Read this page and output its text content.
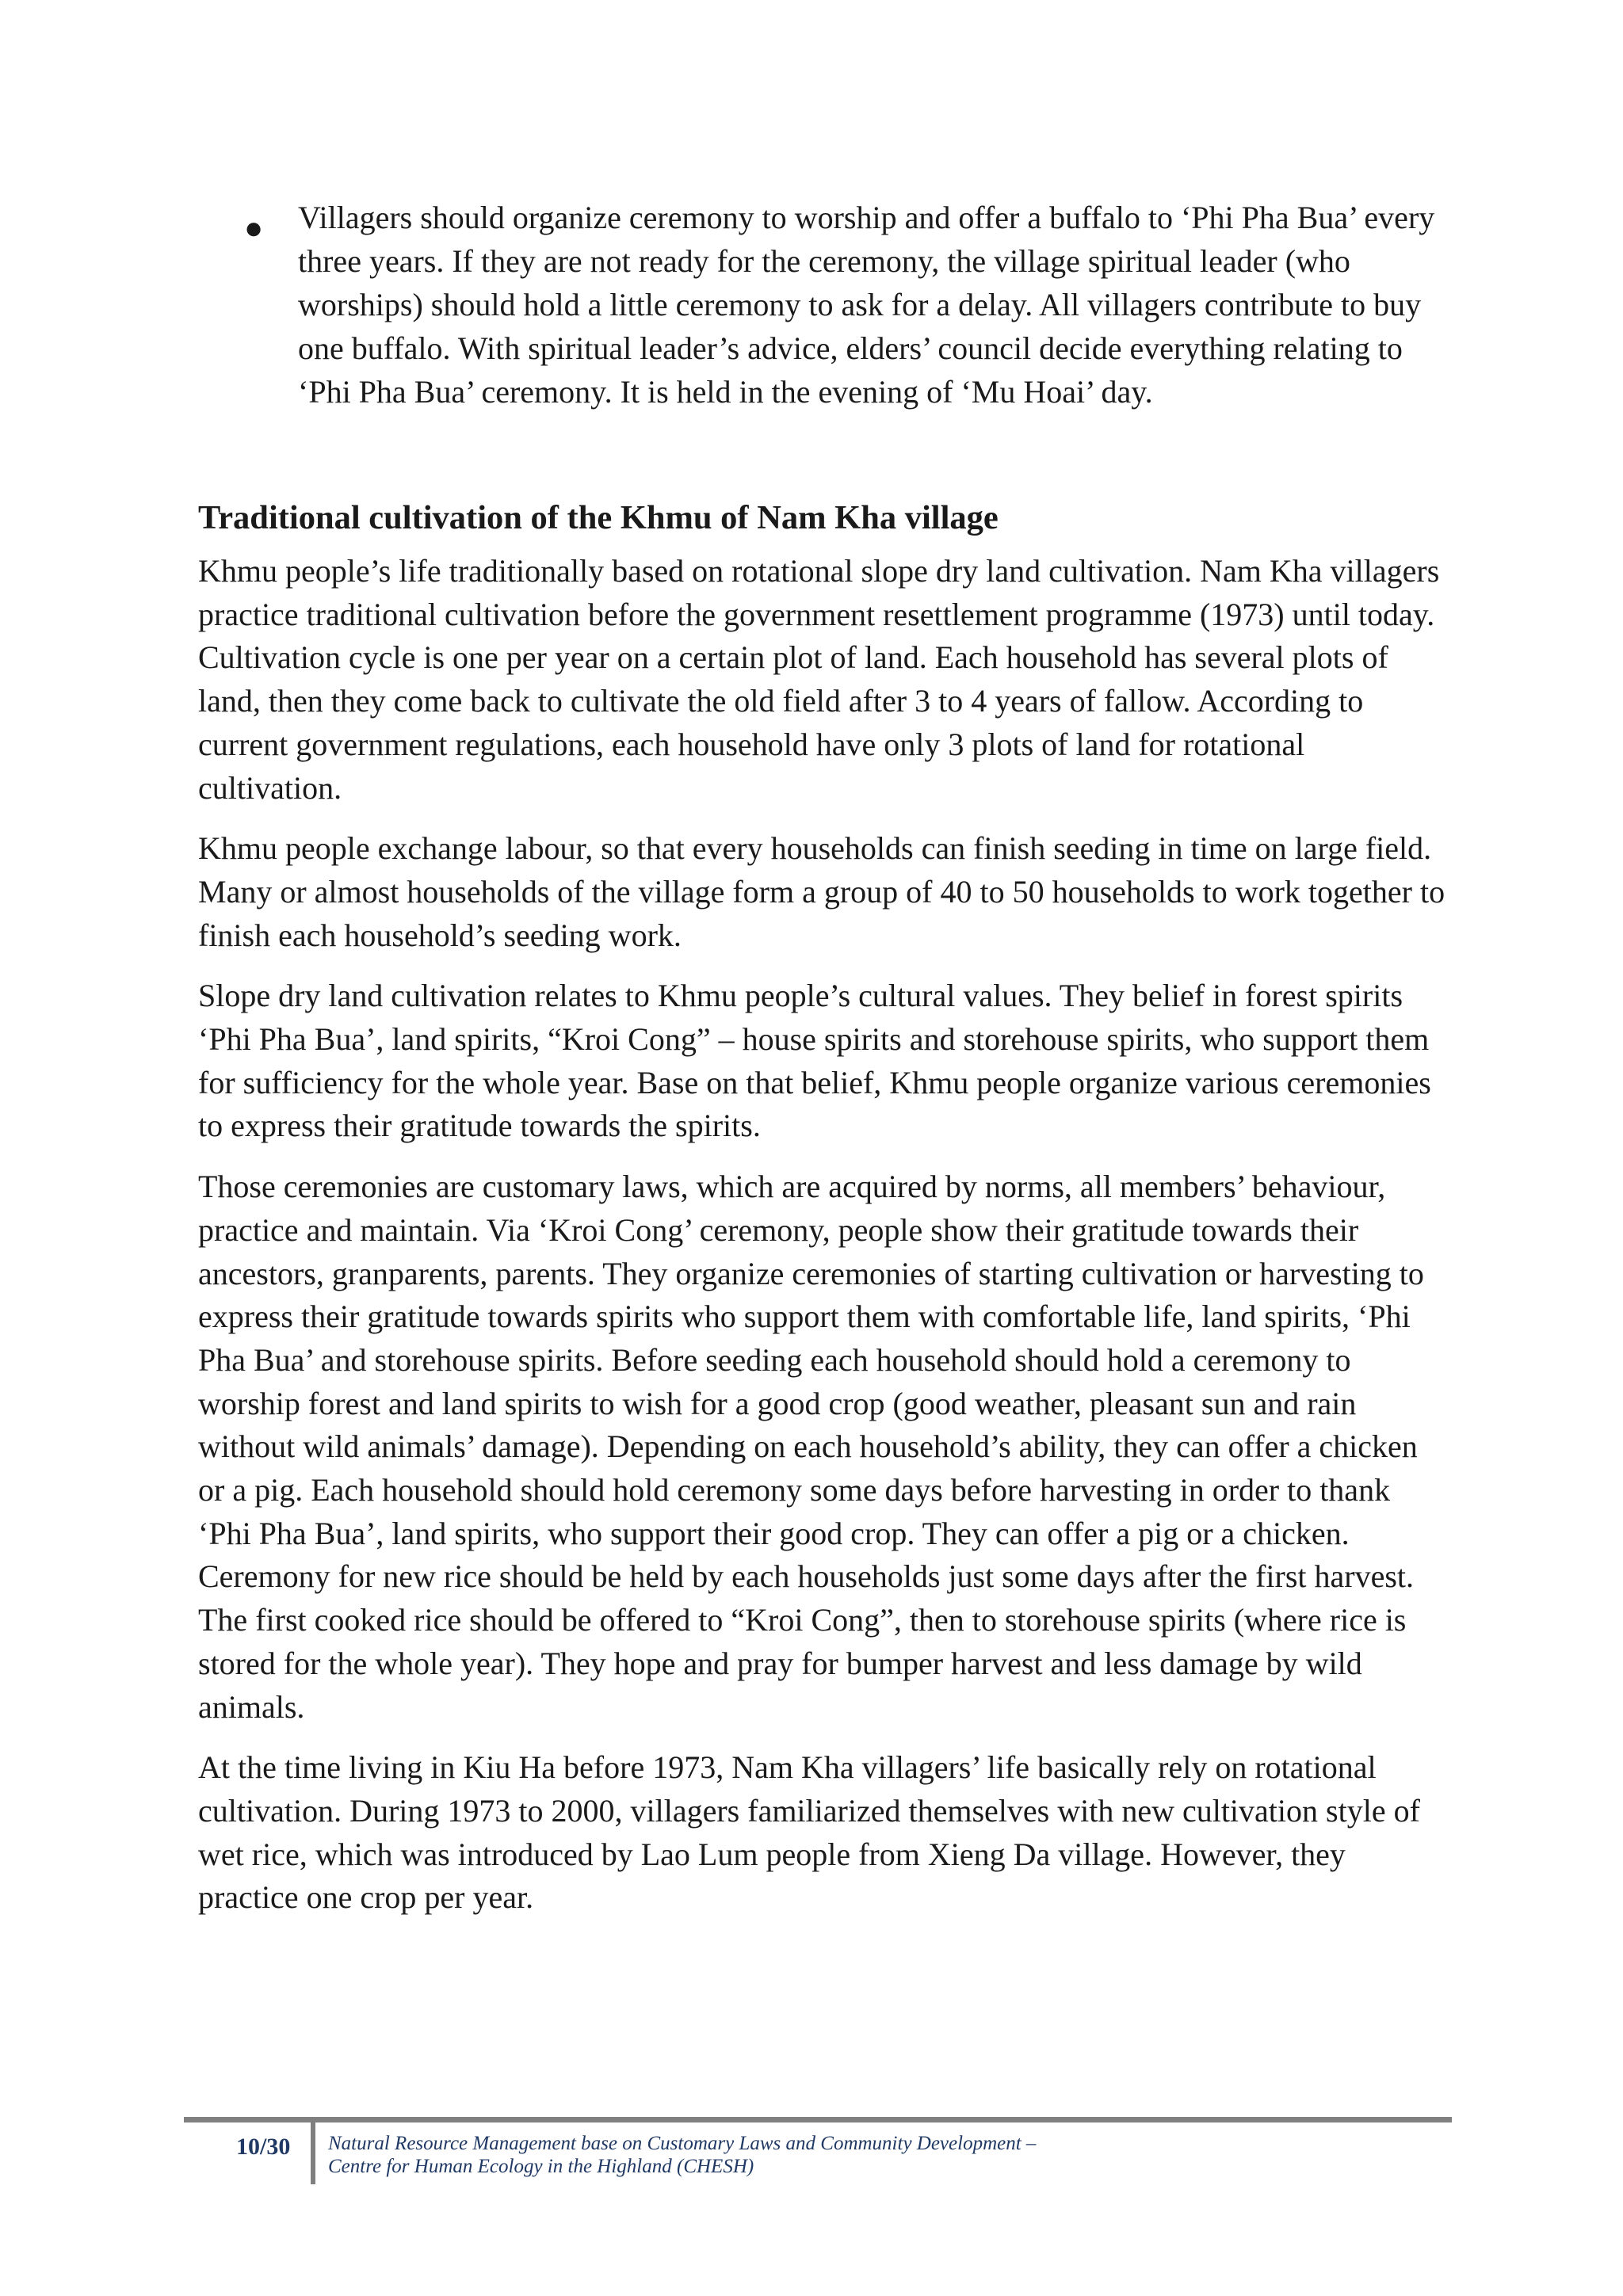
● Villagers should organize ceremony to worship and offer a buffalo to ‘Phi Pha Bua’ every three years. If they are not ready for the ceremony, the village spiritual leader (who worships) should hold a little ceremony to ask for a delay. All villagers contribute to buy one buffalo. With spiritual leader’s advice, elders’ council decide everything relating to ‘Phi Pha Bua’ ceremony. It is held in the evening of ‘Mu Hoai’ day.

Traditional cultivation of the Khmu of Nam Kha village

Khmu people’s life traditionally based on rotational slope dry land cultivation. Nam Kha villagers practice traditional cultivation before the government resettlement programme (1973) until today. Cultivation cycle is one per year on a certain plot of land. Each household has several plots of land, then they come back to cultivate the old field after 3 to 4 years of fallow. According to current government regulations, each household have only 3 plots of land for rotational cultivation.

Khmu people exchange labour, so that every households can finish seeding in time on large field. Many or almost households of the village form a group of 40 to 50 households to work together to finish each household’s seeding work.

Slope dry land cultivation relates to Khmu people’s cultural values. They belief in forest spirits ‘Phi Pha Bua’, land spirits, “Kroi Cong” – house spirits and storehouse spirits, who support them for sufficiency for the whole year. Base on that belief, Khmu people organize various ceremonies to express their gratitude towards the spirits.

Those ceremonies are customary laws, which are acquired by norms, all members’ behaviour, practice and maintain. Via ‘Kroi Cong’ ceremony, people show their gratitude towards their ancestors, granparents, parents. They organize ceremonies of starting cultivation or harvesting to express their gratitude towards spirits who support them with comfortable life, land spirits, ‘Phi Pha Bua’ and storehouse spirits. Before seeding each household should hold a ceremony to worship forest and land spirits to wish for a good crop (good weather, pleasant sun and rain without wild animals’ damage). Depending on each household’s ability, they can offer a chicken or a pig. Each household should hold ceremony some days before harvesting in order to thank ‘Phi Pha Bua’, land spirits, who support their good crop. They can offer a pig or a chicken. Ceremony for new rice should be held by each households just some days after the first harvest. The first cooked rice should be offered to “Kroi Cong”, then to storehouse spirits (where rice is stored for the whole year). They hope and pray for bumper harvest and less damage by wild animals.

At the time living in Kiu Ha before 1973, Nam Kha villagers’ life basically rely on rotational cultivation. During 1973 to 2000, villagers familiarized themselves with new cultivation style of wet rice, which was introduced by Lao Lum people from Xieng Da village. However, they practice one crop per year.

10/30 Natural Resource Management base on Customary Laws and Community Development –
Centre for Human Ecology in the Highland (CHESH)
